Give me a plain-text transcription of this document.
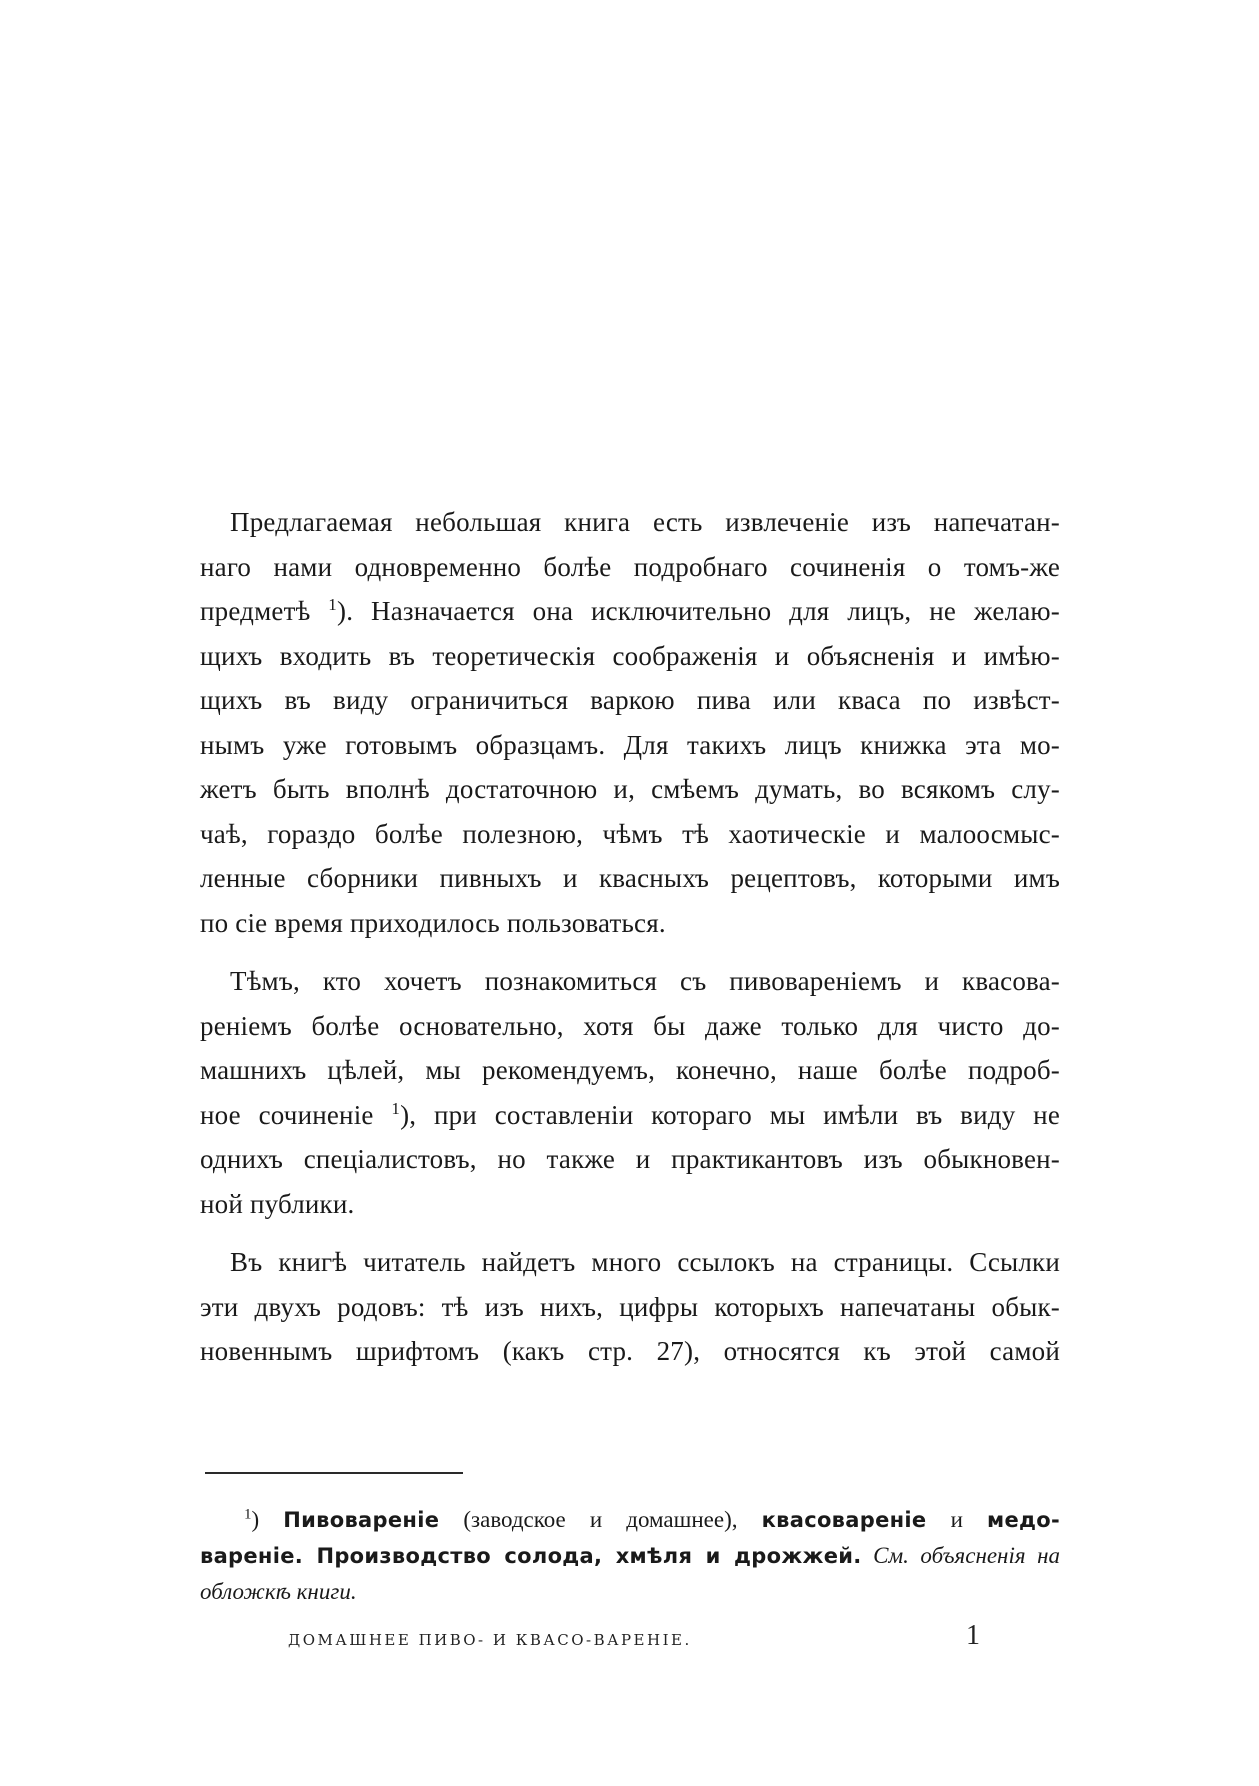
Предлагаемая небольшая книга есть извлеченіе изъ напечатан-
наго нами одновременно болѣе подробнаго сочиненія о томъ-же
предметѣ $^1$). Назначается она исключительно для лицъ, не желаю-
щихъ входить въ теоретическія соображенія и объясненія и имѣю-
щихъ въ виду ограничиться варкою пива или кваса по извѣст-
нымъ уже готовымъ образцамъ. Для такихъ лицъ книжка эта мо-
жетъ быть вполнѣ достаточною и, смѣемъ думать, во всякомъ слу-
чаѣ, гораздо болѣе полезною, чѣмъ тѣ хаотическіе и малоосмыс-
ленные сборники пивныхъ и квасныхъ рецептовъ, которыми имъ
по сіе время приходилось пользоваться.
Тѣмъ, кто хочетъ познакомиться съ пивовареніемъ и квасова-
реніемъ болѣе основательно, хотя бы даже только для чисто до-
машнихъ цѣлей, мы рекомендуемъ, конечно, наше болѣе подроб-
ное сочиненіе $^1$), при составленіи котораго мы имѣли въ виду не
однихъ спеціалистовъ, но также и практикантовъ изъ обыкновен-
ной публики.
Въ книгѣ читатель найдетъ много ссылокъ на страницы. Ссылки
эти двухъ родовъ: тѣ изъ нихъ, цифры которыхъ напечатаны обык-
новеннымъ шрифтомъ (какъ стр. 27), относятся къ этой самой
$^1$) Пивовареніе (заводское и домашнее), квасовареніе и медо-
вареніе. Производство солода, хмѣля и дрожжей. См. объясненія на
обложкѣ книги.
ДОМАШНЕЕ ПИВО- И КВАСО-ВАРЕНІЕ.	1
